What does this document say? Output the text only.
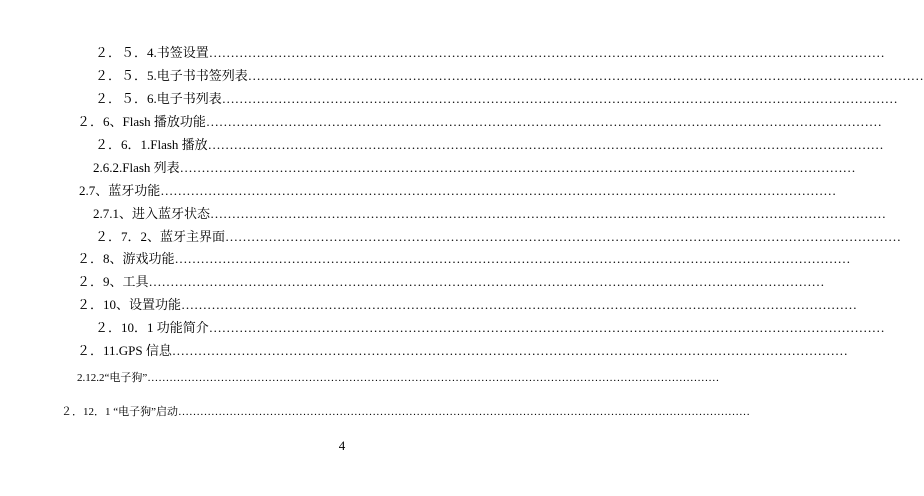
２．５．4.书签设置 …………………………………………………………………………………………………………………………………………
２．５．5.电子书书签列表 …………………………………………………………………………………………………………………………………………
２．５．6.电子书列表 …………………………………………………………………………………………………………………………………………
２．6、Flash 播放功能 …………………………………………………………………………………………………………………………………………
２．6．1.Flash 播放 …………………………………………………………………………………………………………………………………………
2.6.2.Flash 列表 …………………………………………………………………………………………………………………………………………
2.7、蓝牙功能 …………………………………………………………………………………………………………………………………………
2.7.1、进入蓝牙状态 …………………………………………………………………………………………………………………………………………
２．7．2、蓝牙主界面 …………………………………………………………………………………………………………………………………………
２．8、游戏功能 …………………………………………………………………………………………………………………………………………
２．9、工具 …………………………………………………………………………………………………………………………………………
２．10、设置功能 …………………………………………………………………………………………………………………………………………
２．10．1 功能简介 …………………………………………………………………………………………………………………………………………
２．11.GPS 信息 …………………………………………………………………………………………………………………………………………
2.12.2“电子狗” …………………………………………………………………………………………………………………………………………
２．12．1 “电子狗”启动 …………………………………………………………………………………………………………………………………………
4
